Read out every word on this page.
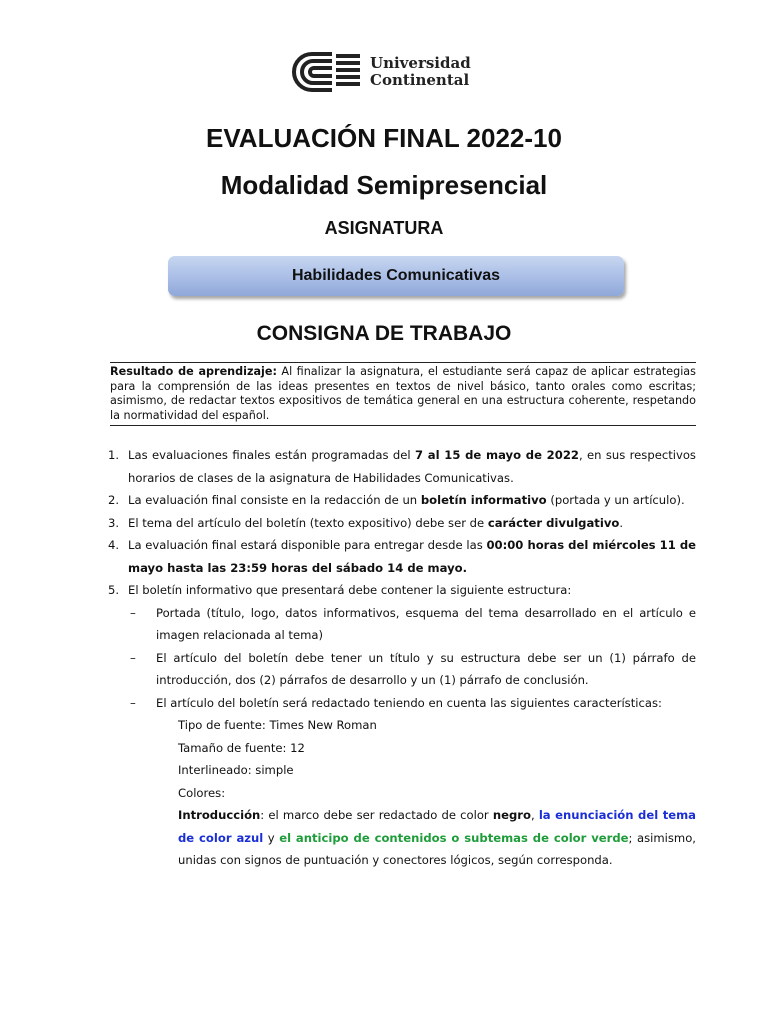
Universidad
Continental
EVALUACIÓN FINAL 2022-10
Modalidad Semipresencial
ASIGNATURA
Habilidades Comunicativas
CONSIGNA DE TRABAJO
Resultado de aprendizaje: Al finalizar la asignatura, el estudiante será capaz de aplicar estrategias para la comprensión de las ideas presentes en textos de nivel básico, tanto orales como escritas; asimismo, de redactar textos expositivos de temática general en una estructura coherente, respetando la normatividad del español.
1. Las evaluaciones finales están programadas del 7 al 15 de mayo de 2022, en sus respectivos horarios de clases de la asignatura de Habilidades Comunicativas.
2. La evaluación final consiste en la redacción de un boletín informativo (portada y un artículo).
3. El tema del artículo del boletín (texto expositivo) debe ser de carácter divulgativo.
4. La evaluación final estará disponible para entregar desde las 00:00 horas del miércoles 11 de mayo hasta las 23:59 horas del sábado 14 de mayo.
5. El boletín informativo que presentará debe contener la siguiente estructura:
– Portada (título, logo, datos informativos, esquema del tema desarrollado en el artículo e imagen relacionada al tema)
– El artículo del boletín debe tener un título y su estructura debe ser un (1) párrafo de introducción, dos (2) párrafos de desarrollo y un (1) párrafo de conclusión.
– El artículo del boletín será redactado teniendo en cuenta las siguientes características:
Tipo de fuente: Times New Roman
Tamaño de fuente: 12
Interlineado: simple
Colores:
Introducción: el marco debe ser redactado de color negro, la enunciación del tema de color azul y el anticipo de contenidos o subtemas de color verde; asimismo, unidas con signos de puntuación y conectores lógicos, según corresponda.
